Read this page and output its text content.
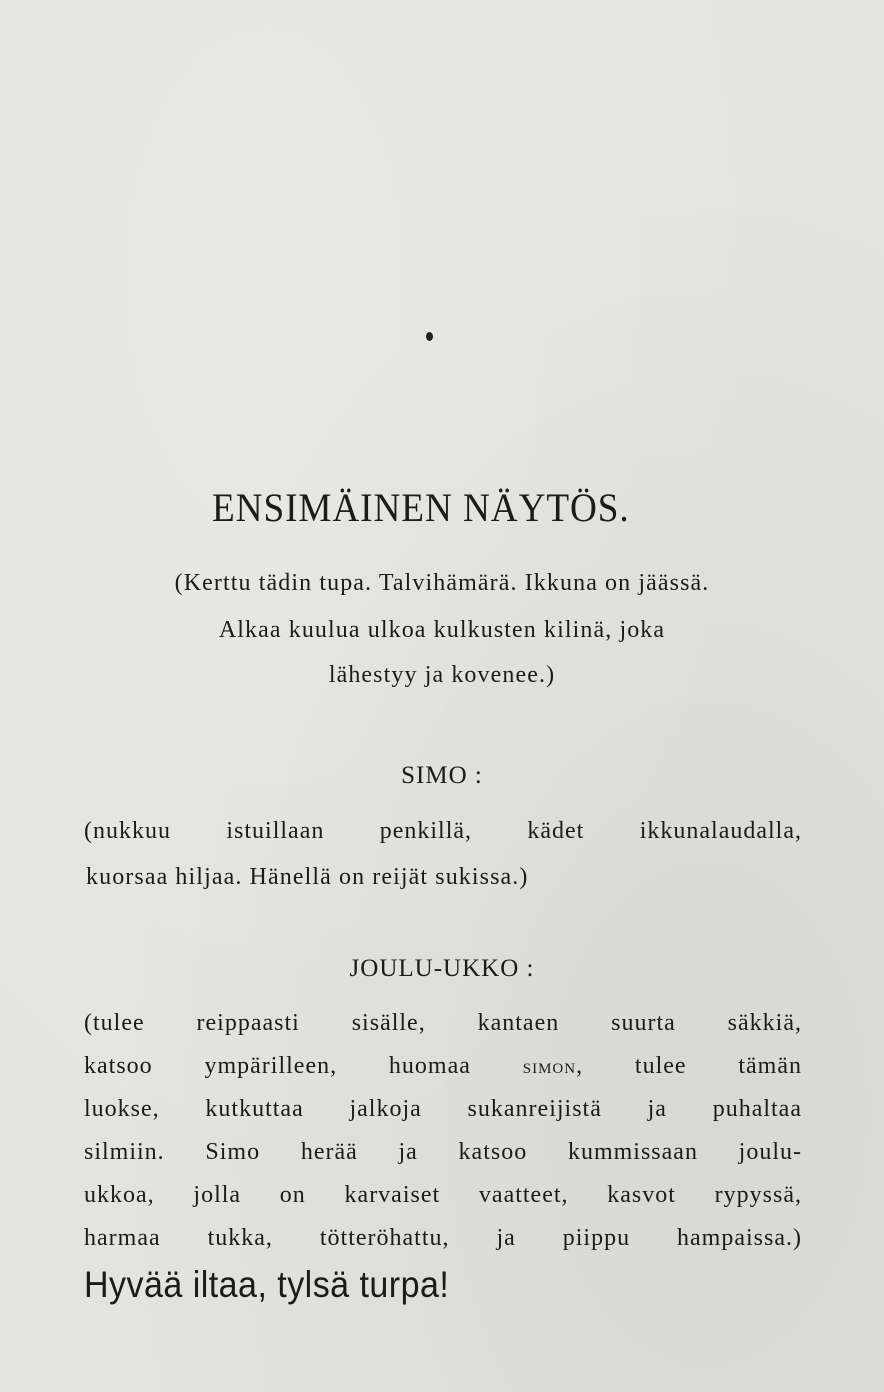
ENSIMÄINEN NÄYTÖS.
(Kerttu tädin tupa. Talvihämärä. Ikkuna on jäässä.
Alkaa kuulua ulkoa kulkusten kilinä, joka
lähestyy ja kovenee.)
SIMO :
(nukkuu istuillaan penkillä, kädet ikkunalaudalla,
kuorsaa hiljaa. Hänellä on reijät sukissa.)
JOULU-UKKO :
(tulee reippaasti sisälle, kantaen suurta säkkiä,
katsoo ympärilleen, huomaa simon, tulee tämän
luokse, kutkuttaa jalkoja sukanreijistä ja puhaltaa
silmiin. Simo herää ja katsoo kummissaan joulu-
ukkoa, jolla on karvaiset vaatteet, kasvot rypyssä,
harmaa tukka, tötteröhattu, ja piippu hampaissa.)
Hyvää iltaa, tylsä turpa!
